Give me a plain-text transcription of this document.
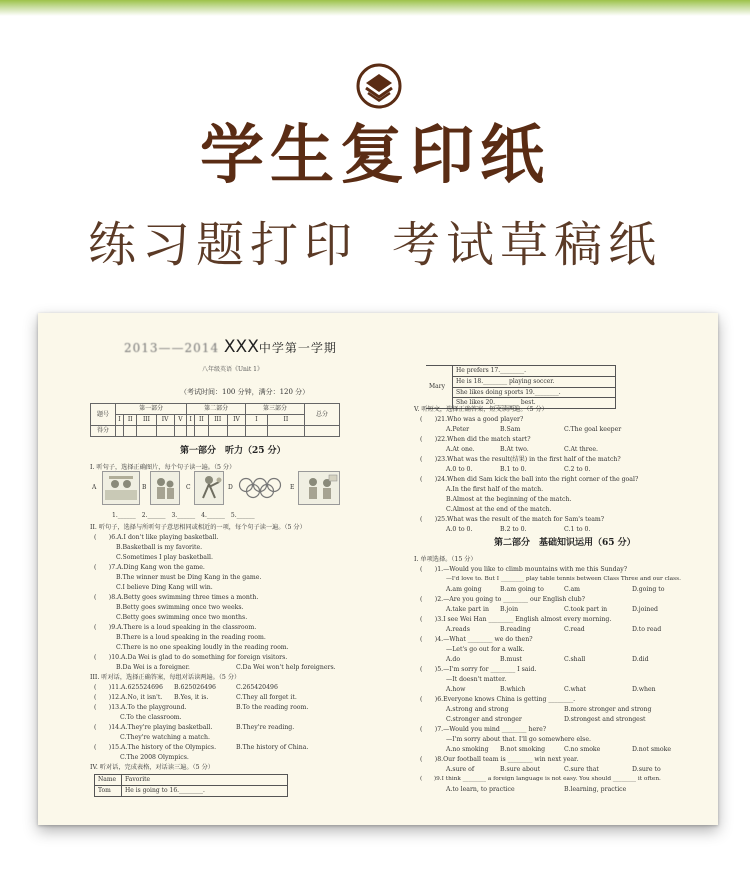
学生复印纸
练习题打印 考试草稿纸
2013——2014 XXX中学第一学期
八年级英语《Unit 1》
（考试时间：100 分钟，满分：120 分）
题号	第一部分					第二部分				第三部分		总分
	I	II	III	IV	V	I	II	III	IV	I	II	
得分												
第一部分　听力（25 分）
I. 听句子，选择正确图片，每个句子读一遍。（5 分）
A	B	C	D	E
1.______　2.______　3.______　4.______　5.______
II. 听句子，选择与所听句子意思相同或相近的一项，每个句子读一遍。（5 分）
(　　)6.A.I don't like playing basketball.
B.Basketball is my favorite.
C.Sometimes I play basketball.
(　　)7.A.Ding Kang won the game.
B.The winner must be Ding Kang in the game.
C.I believe Ding Kang will win.
(　　)8.A.Betty goes swimming three times a month.
B.Betty goes swimming once two weeks.
C.Betty goes swimming once two months.
(　　)9.A.There is a loud speaking in the classroom.
B.There is a loud speaking in the reading room.
C.There is no one speaking loudly in the reading room.
(　　)10.A.Da Wei is glad to do something for foreign visitors.
B.Da Wei is a foreigner.	C.Da Wei won't help foreigners.
III. 听对话，选择正确答案，每组对话读两遍。（5 分）
(　　)11.A.625524696 B.625026496	C.265420496
(　　)12.A.No, it isn't. B.Yes, it is.	C.They all forget it.
(　　)13.A.To the playground.	B.To the reading room.
C.To the classroom.
(　　)14.A.They're playing basketball.	B.They're reading.
C.They're watching a match.
(　　)15.A.The history of the Olympics.	B.The history of China.
C.The 2008 Olympics.
IV. 听对话，完成表格，对话读三遍。（5 分）
Name	Favorite
Tom	He is going to 16.________.
Mary	He prefers 17.________.
He is 18.________ playing soccer.
She likes doing sports 19.________.
She likes 20.________ best.
V. 听短文，选择正确答案，短文读两遍。（5 分）
(　　)21.Who was a good player?
A.Peter	B.Sam	C.The goal keeper
(　　)22.When did the match start?
A.At one.	B.At two.	C.At three.
(　　)23.What was the result(结果) in the first half of the match?
A.0 to 0.	B.1 to 0.	C.2 to 0.
(　　)24.When did Sam kick the ball into the right corner of the goal?
A.In the first half of the match.
B.Almost at the beginning of the match.
C.Almost at the end of the match.
(　　)25.What was the result of the match for Sam's team?
A.0 to 0.	B.2 to 0.	C.1 to 0.
第二部分　基础知识运用（65 分）
I. 单项选择。（15 分）
(　　)1.—Would you like to climb mountains with me this Sunday?
—I'd love to. But I ________ play table tennis between Class Three and our class.
A.am going	B.am going to	C.am	D.going to
(　　)2.—Are you going to ________ our English club?
A.take part in B.join	C.took part in	D.joined
(　　)3.I see Wei Han ________ English almost every morning.
A.reads	B.reading	C.read	D.to read
(　　)4.—What ________ we do then?
—Let's go out for a walk.
A.do	B.must	C.shall	D.did
(　　)5.—I'm sorry for ________ I said.
—It doesn't matter.
A.how	B.which	C.what	D.when
(　　)6.Everyone knows China is getting ________.
A.strong and strong	B.more stronger and strong
C.stronger and stronger	D.strongest and strongest
(　　)7.—Would you mind ________ here?
—I'm sorry about that. I'll go somewhere else.
A.no smoking B.not smoking	C.no smoke	D.not smoke
(　　)8.Our football team is ________ win next year.
A.sure of	B.sure about	C.sure that	D.sure to
(　　)9.I think ________ a foreign language is not easy. You should ________ it often.
A.to learn, to practice	B.learning, practice
